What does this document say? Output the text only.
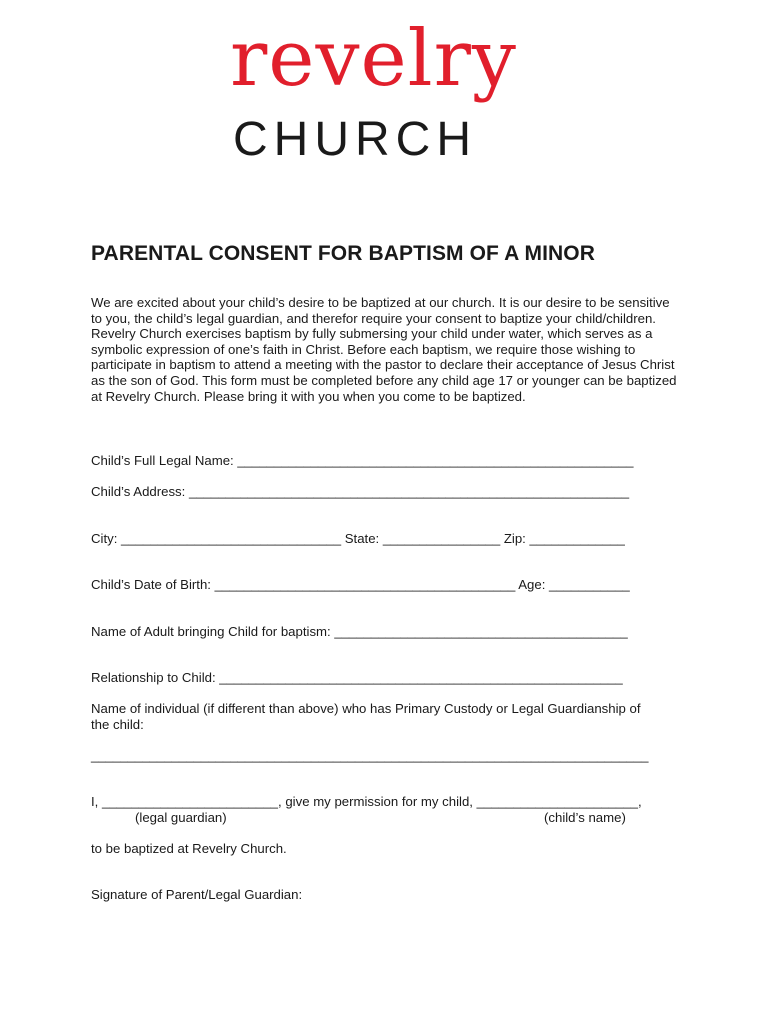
revelry
CHURCH
PARENTAL CONSENT FOR BAPTISM OF A MINOR

We are excited about your child’s desire to be baptized at our church. It is our desire to be sensitive to you, the child’s legal guardian, and therefor require your consent to baptize your child/children. Revelry Church exercises baptism by fully submersing your child under water, which serves as a symbolic expression of one’s faith in Christ. Before each baptism, we require those wishing to participate in baptism to attend a meeting with the pastor to declare their acceptance of Jesus Christ as the son of God. This form must be completed before any child age 17 or younger can be baptized at Revelry Church. Please bring it with you when you come to be baptized.

Child’s Full Legal Name: ______________________________________________________

Child’s Address: ____________________________________________________________

City: ______________________________ State: ________________ Zip: _____________

Child’s Date of Birth: _________________________________________ Age: ___________

Name of Adult bringing Child for baptism: ________________________________________

Relationship to Child: _______________________________________________________

Name of individual (if different than above) who has Primary Custody or Legal Guardianship of

the child:

____________________________________________________________________________

I, ________________________, give my permission for my child, ______________________,

(legal guardian)	(child’s name)

to be baptized at Revelry Church.

Signature of Parent/Legal Guardian:
